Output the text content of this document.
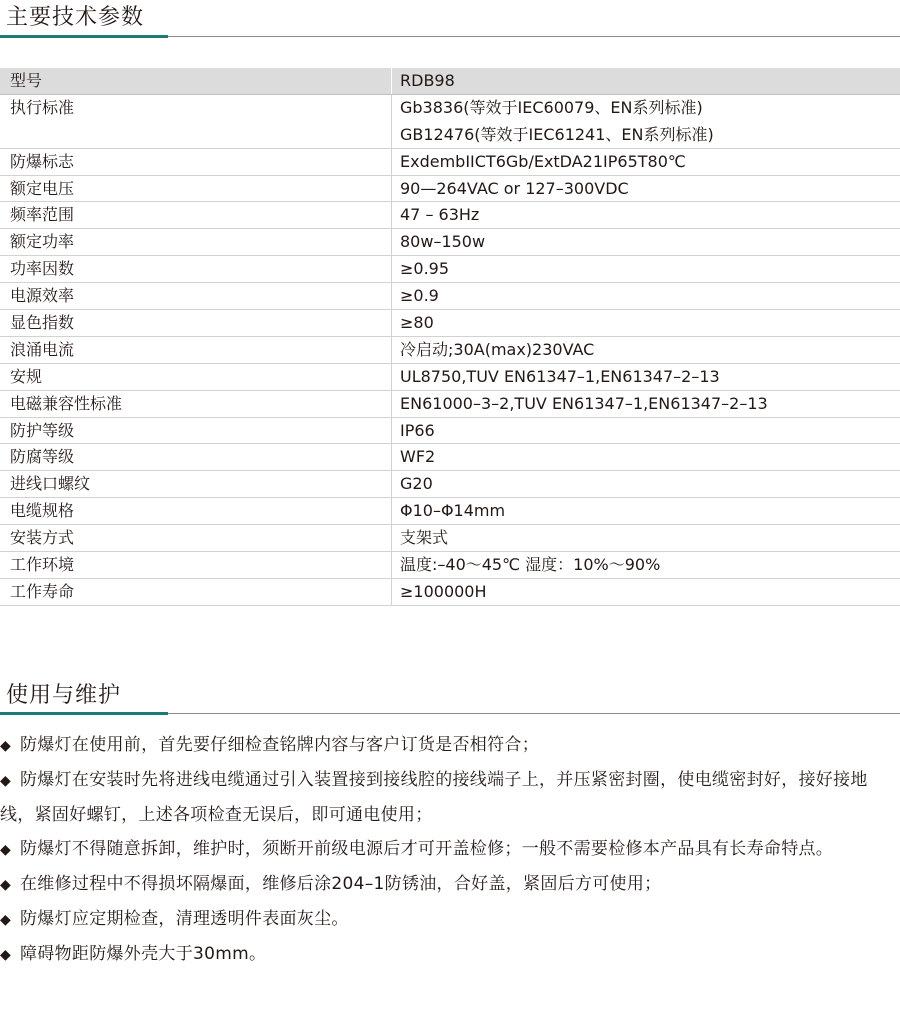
主要技术参数
型号	RDB98
执行标准	Gb3836(等效于IEC60079、EN系列标准)
GB12476(等效于IEC61241、EN系列标准)
防爆标志	ExdembIICT6Gb/ExtDA21IP65T80℃
额定电压	90—264VAC or 127–300VDC
频率范围	47 – 63Hz
额定功率	80w–150w
功率因数	≥0.95
电源效率	≥0.9
显色指数	≥80
浪涌电流	冷启动;30A(max)230VAC
安规	UL8750,TUV EN61347–1,EN61347–2–13
电磁兼容性标准	EN61000–3–2,TUV EN61347–1,EN61347–2–13
防护等级	IP66
防腐等级	WF2
进线口螺纹	G20
电缆规格	Φ10–Φ14mm
安装方式	支架式
工作环境	温度:–40～45℃ 湿度：10%～90%
工作寿命	≥100000H
使用与维护

◆ 防爆灯在使用前，首先要仔细检查铭牌内容与客户订货是否相符合；

◆ 防爆灯在安装时先将进线电缆通过引入装置接到接线腔的接线端子上，并压紧密封圈，使电缆密封好，接好接地线，紧固好螺钉，上述各项检查无误后，即可通电使用；

◆ 防爆灯不得随意拆卸，维护时，须断开前级电源后才可开盖检修；一般不需要检修本产品具有长寿命特点。

◆ 在维修过程中不得损坏隔爆面，维修后涂204–1防锈油，合好盖，紧固后方可使用；

◆ 防爆灯应定期检查，清理透明件表面灰尘。

◆ 障碍物距防爆外壳大于30mm。
